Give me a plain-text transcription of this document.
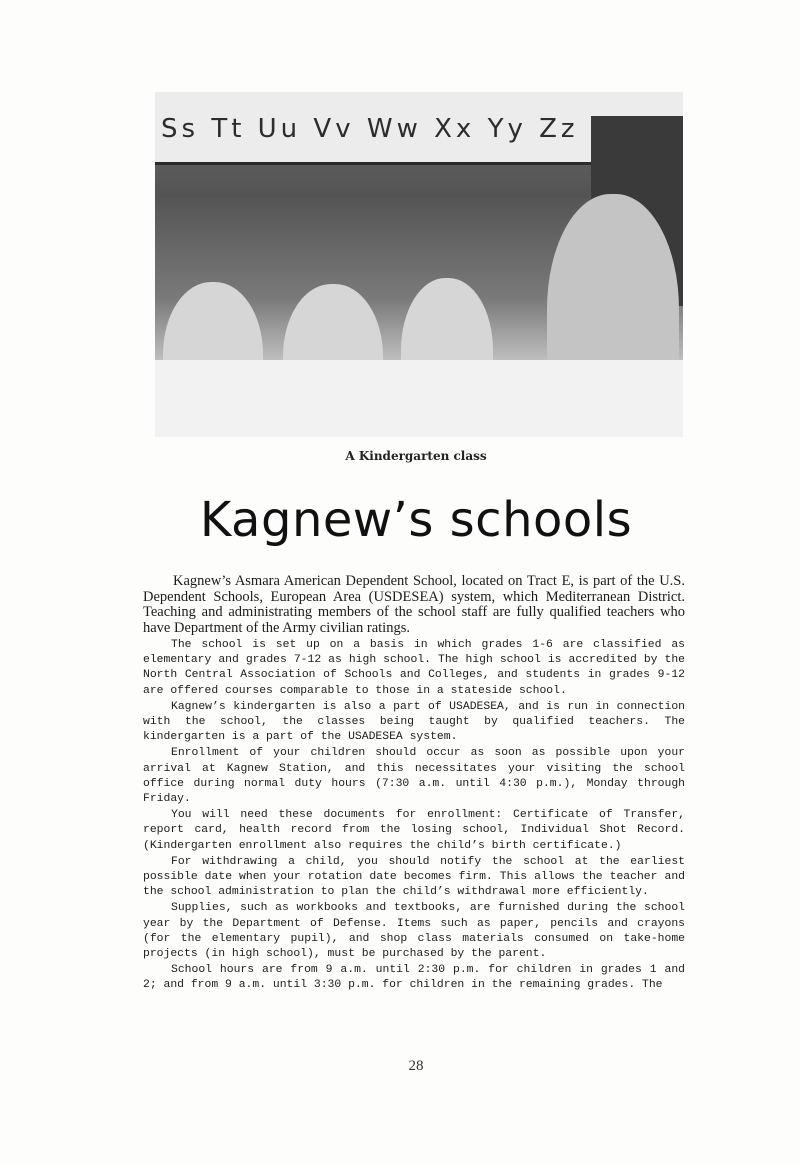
Ss Tt Uu Vv Ww Xx Yy Zz
A Kindergarten class
Kagnew’s schools

Kagnew’s Asmara American Dependent School, located on Tract E, is part of the U.S. Dependent Schools, European Area (USDESEA) system, which Mediterranean District. Teaching and administrating members of the school staff are fully qualified teachers who have Department of the Army civilian ratings.

The school is set up on a basis in which grades 1-6 are classified as elementary and grades 7-12 as high school. The high school is accredited by the North Central Association of Schools and Colleges, and students in grades 9-12 are offered courses comparable to those in a stateside school.

Kagnew’s kindergarten is also a part of USADESEA, and is run in connection with the school, the classes being taught by qualified teachers. The kindergarten is a part of the USADESEA system.

Enrollment of your children should occur as soon as possible upon your arrival at Kagnew Station, and this necessitates your visiting the school office during normal duty hours (7:30 a.m. until 4:30 p.m.), Monday through Friday.

You will need these documents for enrollment: Certificate of Transfer, report card, health record from the losing school, Individual Shot Record. (Kindergarten enrollment also requires the child’s birth certificate.)

For withdrawing a child, you should notify the school at the earliest possible date when your rotation date becomes firm. This allows the teacher and the school administration to plan the child’s withdrawal more efficiently.

Supplies, such as workbooks and textbooks, are furnished during the school year by the Department of Defense. Items such as paper, pencils and crayons (for the elementary pupil), and shop class materials consumed on take-home projects (in high school), must be purchased by the parent.

School hours are from 9 a.m. until 2:30 p.m. for children in grades 1 and 2; and from 9 a.m. until 3:30 p.m. for children in the remaining grades. The

28
